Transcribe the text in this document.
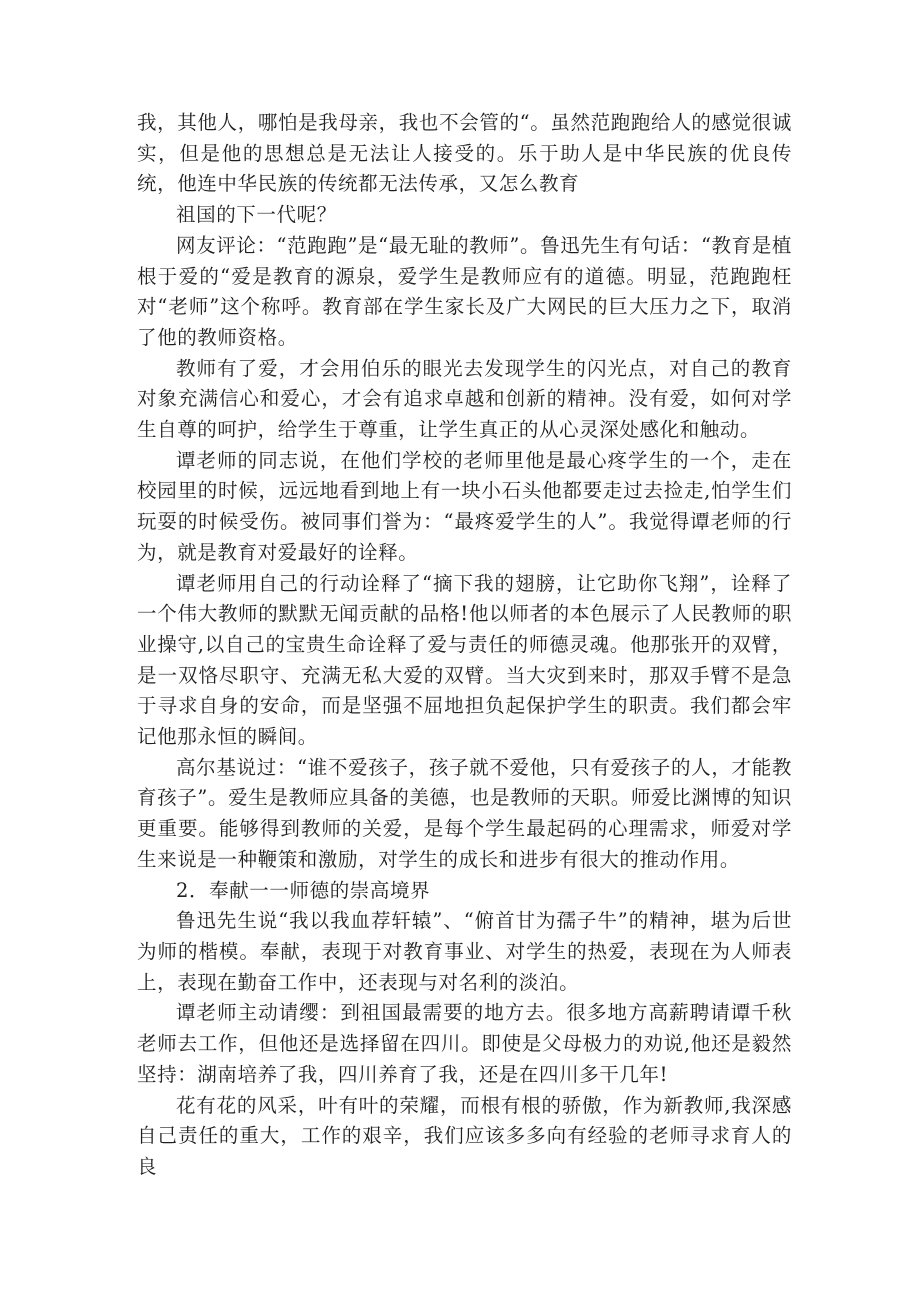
我，其他人，哪怕是我母亲，我也不会管的“。虽然范跑跑给人的感觉很诚实，但是他的思想总是无法让人接受的。乐于助人是中华民族的优良传统，他连中华民族的传统都无法传承，又怎么教育

祖国的下一代呢？

网友评论：“范跑跑”是“最无耻的教师”。鲁迅先生有句话：“教育是植根于爱的“爱是教育的源泉，爱学生是教师应有的道德。明显，范跑跑枉对“老师”这个称呼。教育部在学生家长及广大网民的巨大压力之下，取消了他的教师资格。

教师有了爱，才会用伯乐的眼光去发现学生的闪光点，对自己的教育对象充满信心和爱心，才会有追求卓越和创新的精神。没有爱，如何对学生自尊的呵护，给学生于尊重，让学生真正的从心灵深处感化和触动。

谭老师的同志说，在他们学校的老师里他是最心疼学生的一个，走在校园里的时候，远远地看到地上有一块小石头他都要走过去捡走,怕学生们玩耍的时候受伤。被同事们誉为：“最疼爱学生的人”。我觉得谭老师的行为，就是教育对爱最好的诠释。

谭老师用自己的行动诠释了“摘下我的翅膀，让它助你飞翔”，诠释了一个伟大教师的默默无闻贡献的品格!他以师者的本色展示了人民教师的职业操守,以自己的宝贵生命诠释了爱与责任的师德灵魂。他那张开的双臂，是一双恪尽职守、充满无私大爱的双臂。当大灾到来时，那双手臂不是急于寻求自身的安命，而是坚强不屈地担负起保护学生的职责。我们都会牢记他那永恒的瞬间。

高尔基说过：“谁不爱孩子，孩子就不爱他，只有爱孩子的人，才能教育孩子”。爱生是教师应具备的美德，也是教师的天职。师爱比渊博的知识更重要。能够得到教师的关爱，是每个学生最起码的心理需求，师爱对学生来说是一种鞭策和激励，对学生的成长和进步有很大的推动作用。

2．奉献一一师德的崇高境界

鲁迅先生说“我以我血荐轩辕”、“俯首甘为孺子牛”的精神，堪为后世为师的楷模。奉献，表现于对教育事业、对学生的热爱，表现在为人师表上，表现在勤奋工作中，还表现与对名利的淡泊。

谭老师主动请缨：到祖国最需要的地方去。很多地方高薪聘请谭千秋老师去工作，但他还是选择留在四川。即使是父母极力的劝说,他还是毅然坚持：湖南培养了我，四川养育了我，还是在四川多干几年!

花有花的风采，叶有叶的荣耀，而根有根的骄傲，作为新教师,我深感自己责任的重大，工作的艰辛，我们应该多多向有经验的老师寻求育人的良
